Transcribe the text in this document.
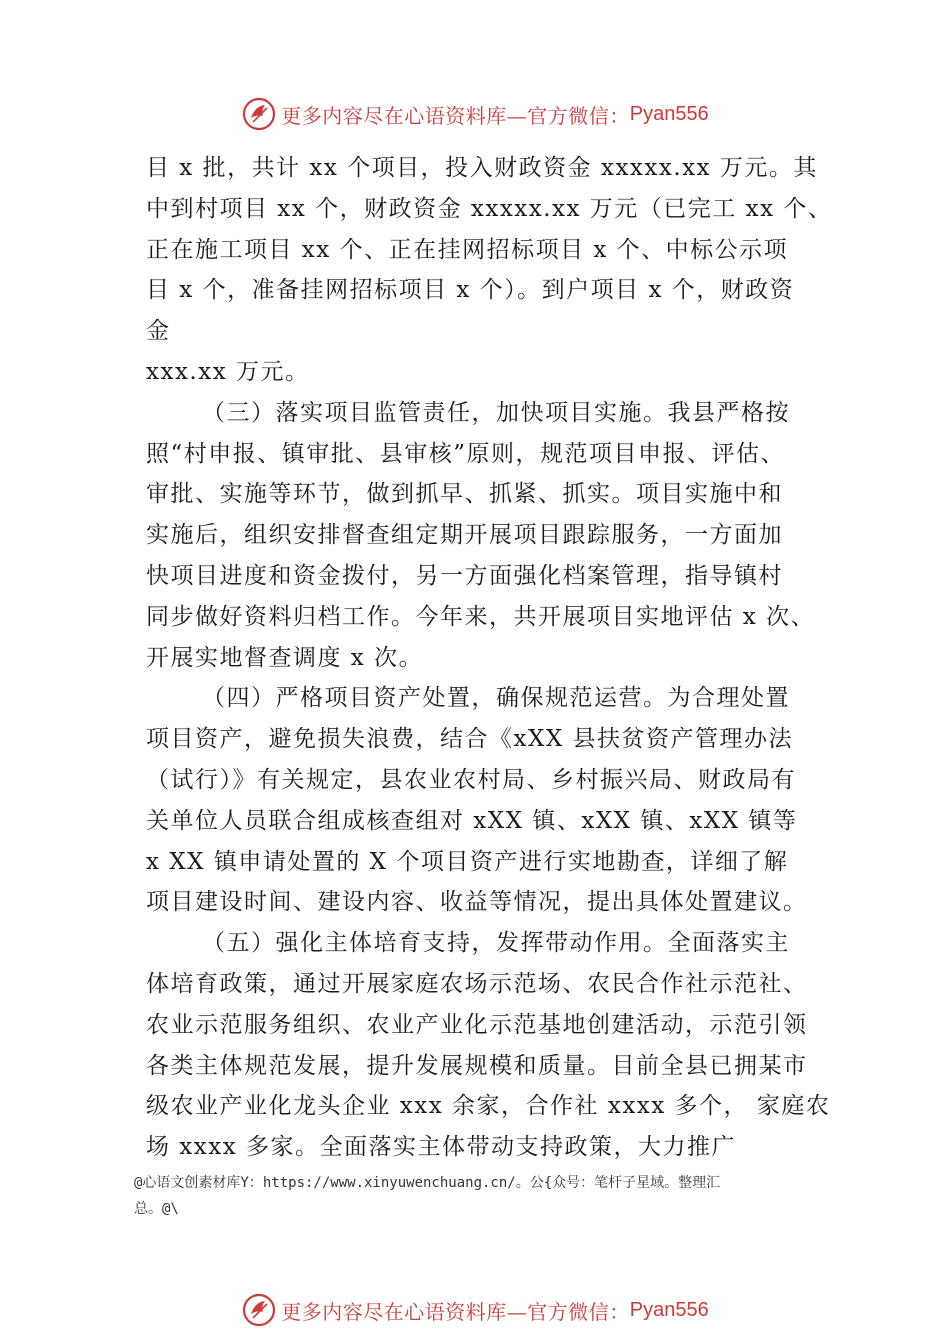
更多内容尽在心语资料库—官方微信： Pyan556
目 x 批，共计 xx 个项目，投入财政资金 xxxxx.xx 万元。其
中到村项目 xx 个，财政资金 xxxxx.xx 万元（已完工 xx 个、
正在施工项目 xx 个、正在挂网招标项目 x 个、中标公示项
目 x 个，准备挂网招标项目 x 个）。到户项目 x 个，财政资
金
xxx.xx 万元。
（三）落实项目监管责任，加快项目实施。我县严格按
照“村申报、镇审批、县审核”原则，规范项目申报、评估、
审批、实施等环节，做到抓早、抓紧、抓实。项目实施中和
实施后，组织安排督查组定期开展项目跟踪服务，一方面加
快项目进度和资金拨付，另一方面强化档案管理，指导镇村
同步做好资料归档工作。今年来，共开展项目实地评估 x 次、
开展实地督查调度 x 次。
（四）严格项目资产处置，确保规范运营。为合理处置
项目资产，避免损失浪费，结合《xXX 县扶贫资产管理办法
（试行）》有关规定，县农业农村局、乡村振兴局、财政局有
关单位人员联合组成核查组对 xXX 镇、xXX 镇、xXX 镇等
x XX 镇申请处置的 X 个项目资产进行实地勘查，详细了解
项目建设时间、建设内容、收益等情况，提出具体处置建议。
（五）强化主体培育支持，发挥带动作用。全面落实主
体培育政策，通过开展家庭农场示范场、农民合作社示范社、
农业示范服务组织、农业产业化示范基地创建活动，示范引领
各类主体规范发展，提升发展规模和质量。目前全县已拥某市
级农业产业化龙头企业 xxx 余家，合作社 xxxx 多个， 家庭农
场 xxxx 多家。全面落实主体带动支持政策，大力推广
@心语文创素材库Y：https://www.xinyuwenchuang.cn/。公{众号：笔杆子星域。整理汇
总。@\
更多内容尽在心语资料库—官方微信： Pyan556
